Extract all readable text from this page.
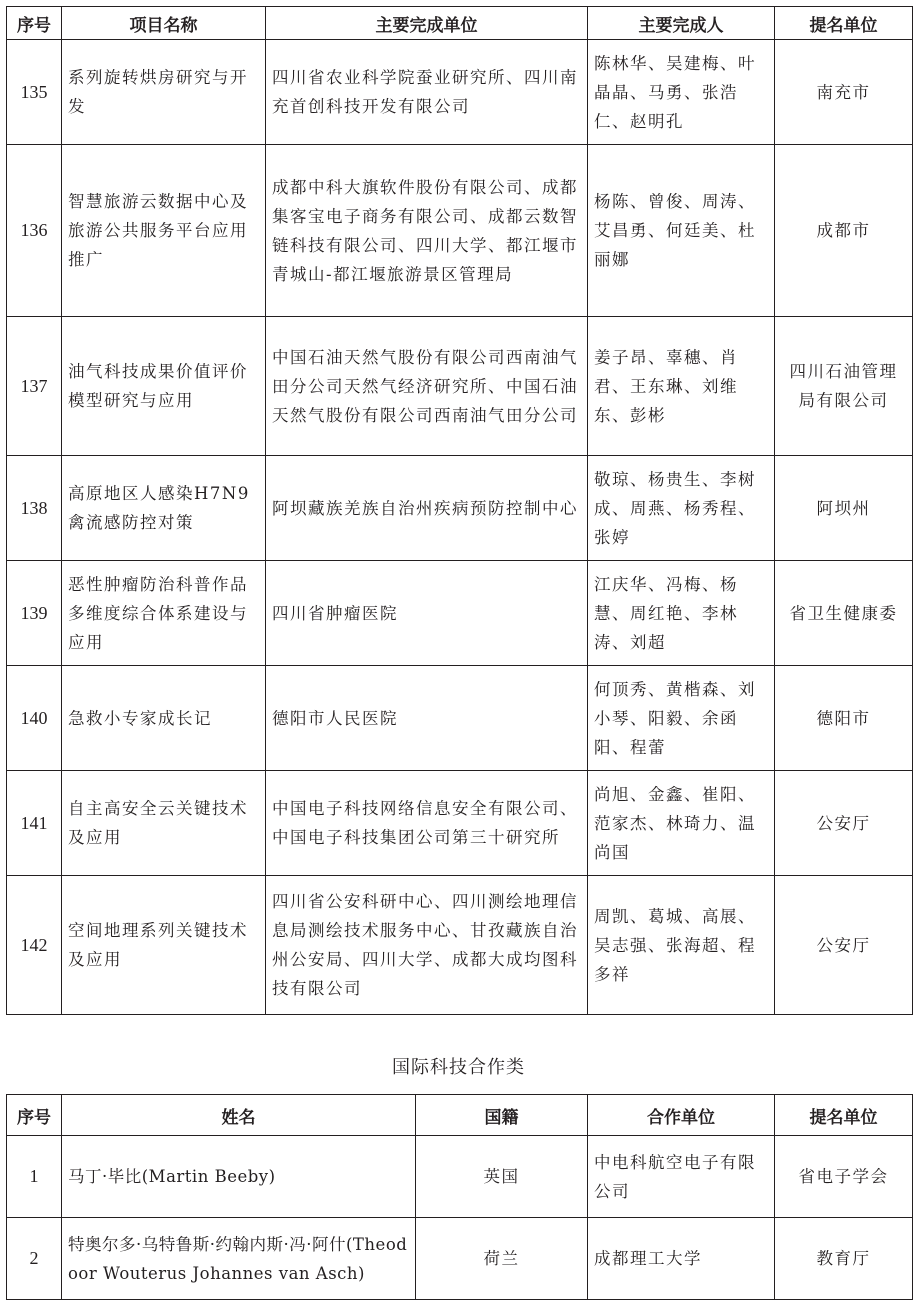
序号	项目名称	主要完成单位	主要完成人	提名单位
135	系列旋转烘房研究与开发	四川省农业科学院蚕业研究所、四川南充首创科技开发有限公司	陈林华、吴建梅、叶晶晶、马勇、张浩仁、赵明孔	南充市
136	智慧旅游云数据中心及旅游公共服务平台应用推广	成都中科大旗软件股份有限公司、成都集客宝电子商务有限公司、成都云数智链科技有限公司、四川大学、都江堰市青城山-都江堰旅游景区管理局	杨陈、曾俊、周涛、艾昌勇、何廷美、杜丽娜	成都市
137	油气科技成果价值评价模型研究与应用	中国石油天然气股份有限公司西南油气田分公司天然气经济研究所、中国石油天然气股份有限公司西南油气田分公司	姜子昂、辜穗、肖君、王东琳、刘维东、彭彬	四川石油管理局有限公司
138	高原地区人感染H7N9禽流感防控对策	阿坝藏族羌族自治州疾病预防控制中心	敬琼、杨贵生、李树成、周燕、杨秀程、张婷	阿坝州
139	恶性肿瘤防治科普作品多维度综合体系建设与应用	四川省肿瘤医院	江庆华、冯梅、杨慧、周红艳、李林涛、刘超	省卫生健康委
140	急救小专家成长记	德阳市人民医院	何顶秀、黄楷森、刘小琴、阳毅、余函阳、程蕾	德阳市
141	自主高安全云关键技术及应用	中国电子科技网络信息安全有限公司、中国电子科技集团公司第三十研究所	尚旭、金鑫、崔阳、范家杰、林琦力、温尚国	公安厅
142	空间地理系列关键技术及应用	四川省公安科研中心、四川测绘地理信息局测绘技术服务中心、甘孜藏族自治州公安局、四川大学、成都大成均图科技有限公司	周凯、葛城、高展、吴志强、张海超、程多祥	公安厅
国际科技合作类
序号	姓名	国籍	合作单位	提名单位
1	马丁·毕比(Martin Beeby)	英国	中电科航空电子有限公司	省电子学会
2	特奥尔多·乌特鲁斯·约翰内斯·冯·阿什(Theodoor Wouterus Johannes van Asch)	荷兰	成都理工大学	教育厅
